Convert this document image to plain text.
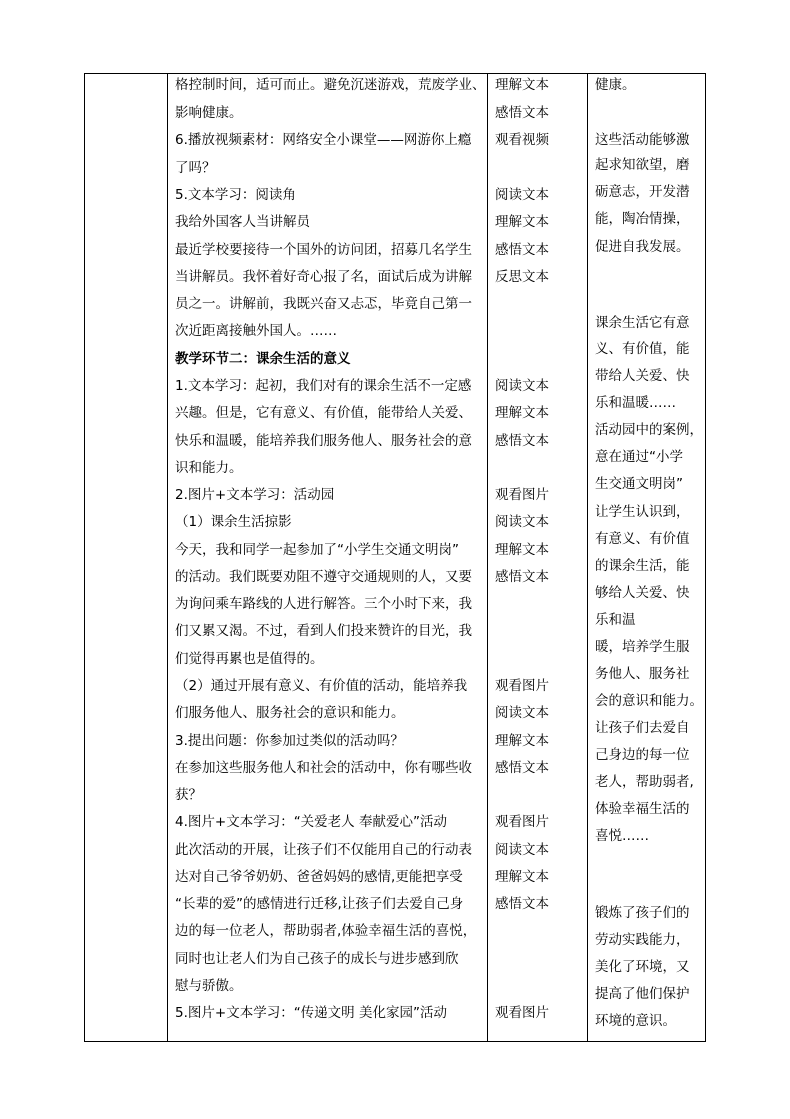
格控制时间，适可而止。避免沉迷游戏，荒废学业、
影响健康。
6.播放视频素材：网络安全小课堂——网游你上瘾
了吗？
5.文本学习：阅读角
我给外国客人当讲解员
最近学校要接待一个国外的访问团，招募几名学生
当讲解员。我怀着好奇心报了名，面试后成为讲解
员之一。讲解前，我既兴奋又忐忑，毕竟自己第一
次近距离接触外国人。……
教学环节二：课余生活的意义
1.文本学习：起初，我们对有的课余生活不一定感
兴趣。但是，它有意义、有价值，能带给人关爱、
快乐和温暖，能培养我们服务他人、服务社会的意
识和能力。
2.图片+文本学习：活动园
（1）课余生活掠影
今天，我和同学一起参加了“小学生交通文明岗”
的活动。我们既要劝阻不遵守交通规则的人，又要
为询问乘车路线的人进行解答。三个小时下来，我
们又累又渴。不过，看到人们投来赞许的目光，我
们觉得再累也是值得的。
（2）通过开展有意义、有价值的活动，能培养我
们服务他人、服务社会的意识和能力。
3.提出问题：你参加过类似的活动吗？
在参加这些服务他人和社会的活动中，你有哪些收
获？
4.图片+文本学习：“关爱老人 奉献爱心”活动
此次活动的开展，让孩子们不仅能用自己的行动表
达对自己爷爷奶奶、爸爸妈妈的感情,更能把享受
“长辈的爱”的感情进行迁移,让孩子们去爱自己身
边的每一位老人，帮助弱者,体验幸福生活的喜悦，
同时也让老人们为自己孩子的成长与进步感到欣
慰与骄傲。
5.图片+文本学习：“传递文明 美化家园”活动
理解文本
感悟文本
观看视频
阅读文本
理解文本
感悟文本
反思文本
阅读文本
理解文本
感悟文本
观看图片
阅读文本
理解文本
感悟文本
观看图片
阅读文本
理解文本
感悟文本
观看图片
阅读文本
理解文本
感悟文本
观看图片
健康。
这些活动能够激
起求知欲望，磨
砺意志，开发潜
能，陶冶情操，
促进自我发展。
课余生活它有意
义、有价值，能
带给人关爱、快
乐和温暖……
活动园中的案例，
意在通过“小学
生交通文明岗”
让学生认识到，
有意义、有价值
的课余生活，能
够给人关爱、快
乐和温
暖，培养学生服
务他人、服务社
会的意识和能力。
让孩子们去爱自
己身边的每一位
老人，帮助弱者,
体验幸福生活的
喜悦……
锻炼了孩子们的
劳动实践能力，
美化了环境，又
提高了他们保护
环境的意识。
